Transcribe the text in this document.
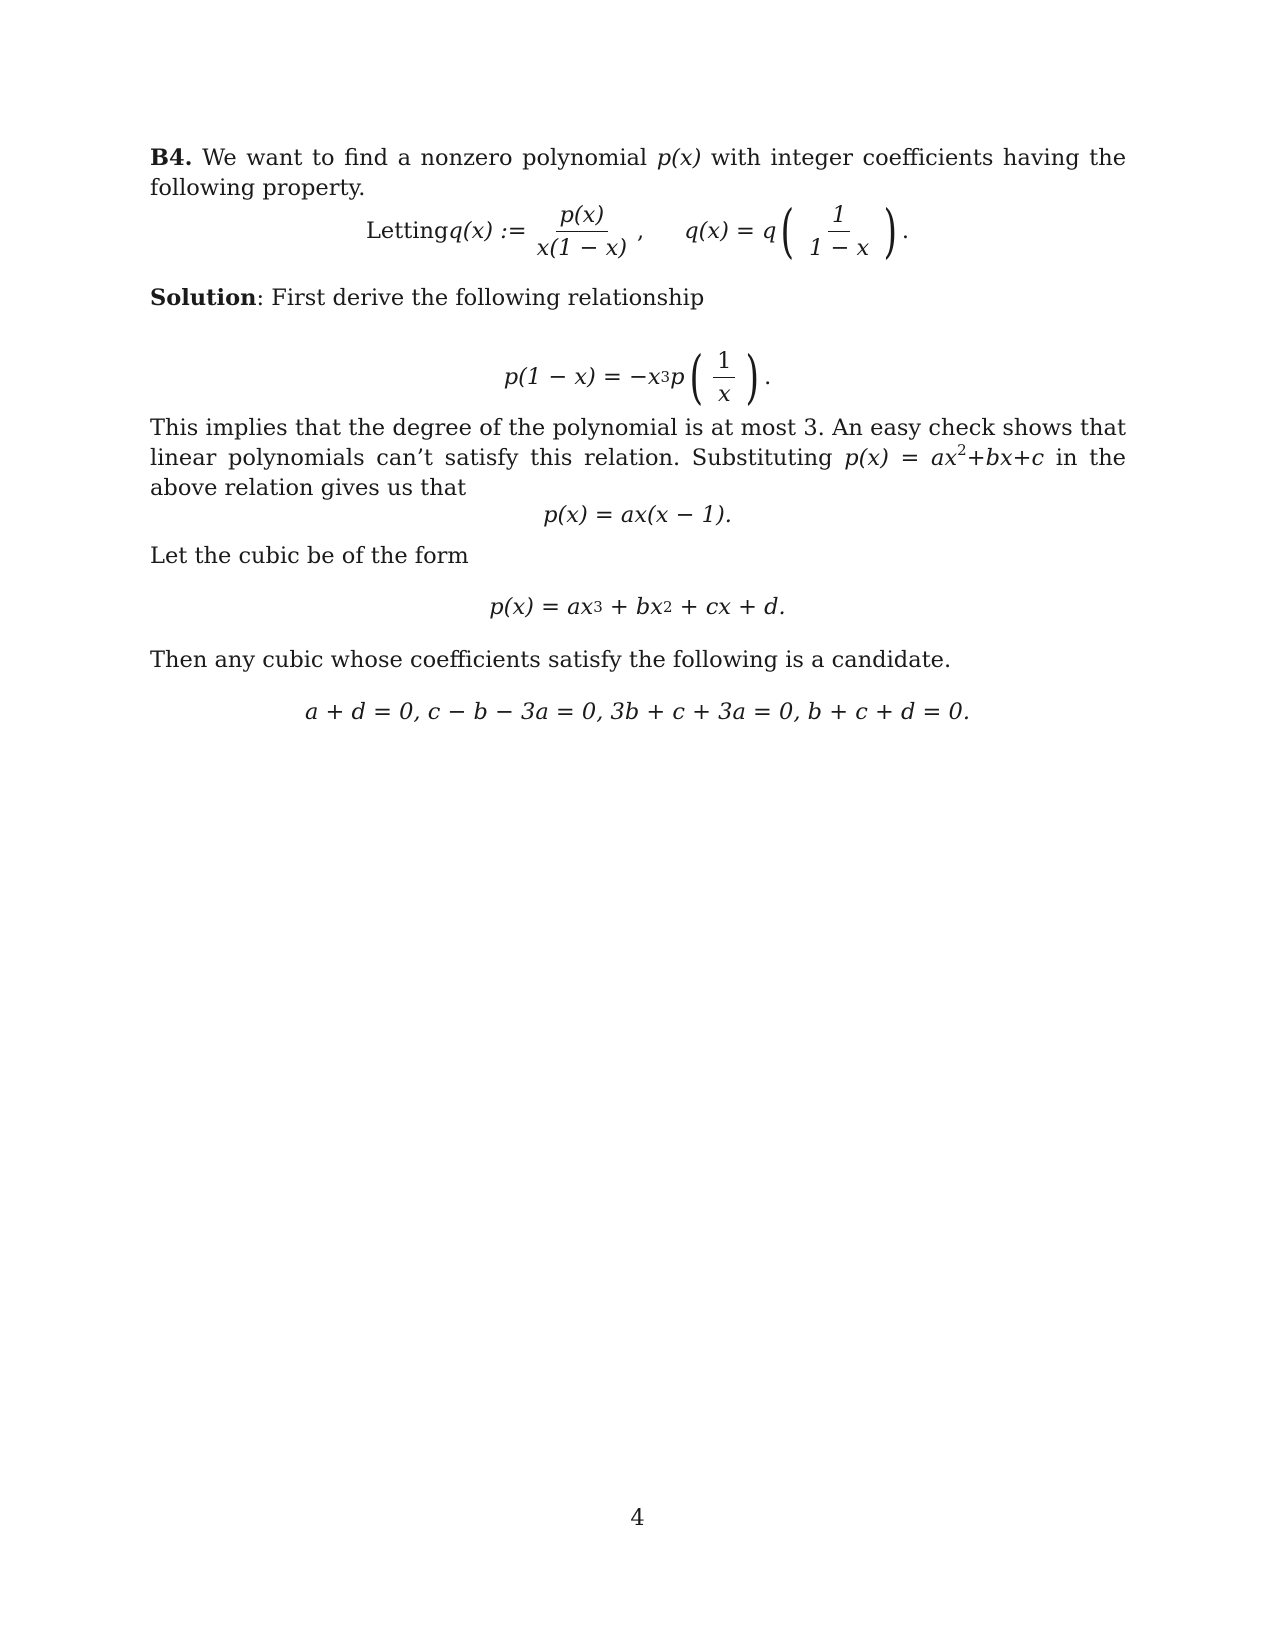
B4. We want to find a nonzero polynomial p(x) with integer coefficients having the following property.
Letting q(x) := $\frac{p(x)}{x(1 - x)}$ , q(x) = q ( $\frac{1}{1 - x}$ ) .
Solution: First derive the following relationship
p(1 − x) = −x 3 p ( $\frac{1}{x}$ ) .
This implies that the degree of the polynomial is at most 3. An easy check shows that linear polynomials can’t satisfy this relation. Substituting $p(x) = ax^2+bx+c$ in the above relation gives us that
p(x) = ax(x − 1).
Let the cubic be of the form
p(x) = ax 3
+ bx 2
+ cx + d.
Then any cubic whose coefficients satisfy the following is a candidate.
a + d = 0, c − b − 3a = 0, 3b + c + 3a = 0, b + c + d = 0.
4
